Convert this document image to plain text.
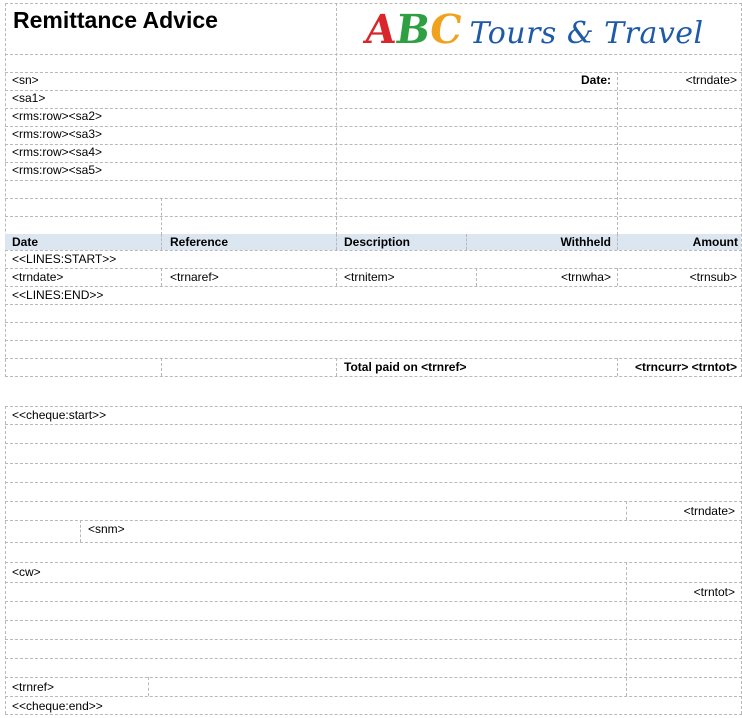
Remittance Advice	ABC Tours & Travel
<sn>
<sa1>
<rms:row><sa2>
<rms:row><sa3>
<rms:row><sa4>
<rms:row><sa5>
Date:	<trndate>
Date	Reference	Description	Withheld	Amount
<<LINES:START>>
<trndate>	<trnaref>	<trnitem>	<trnwha>	<trnsub>
<<LINES:END>>
Total paid on <trnref>	<trncurr> <trntot>
<<cheque:start>>
<trndate>
<snm>
<cw>
<trntot>
<trnref>
<<cheque:end>>
